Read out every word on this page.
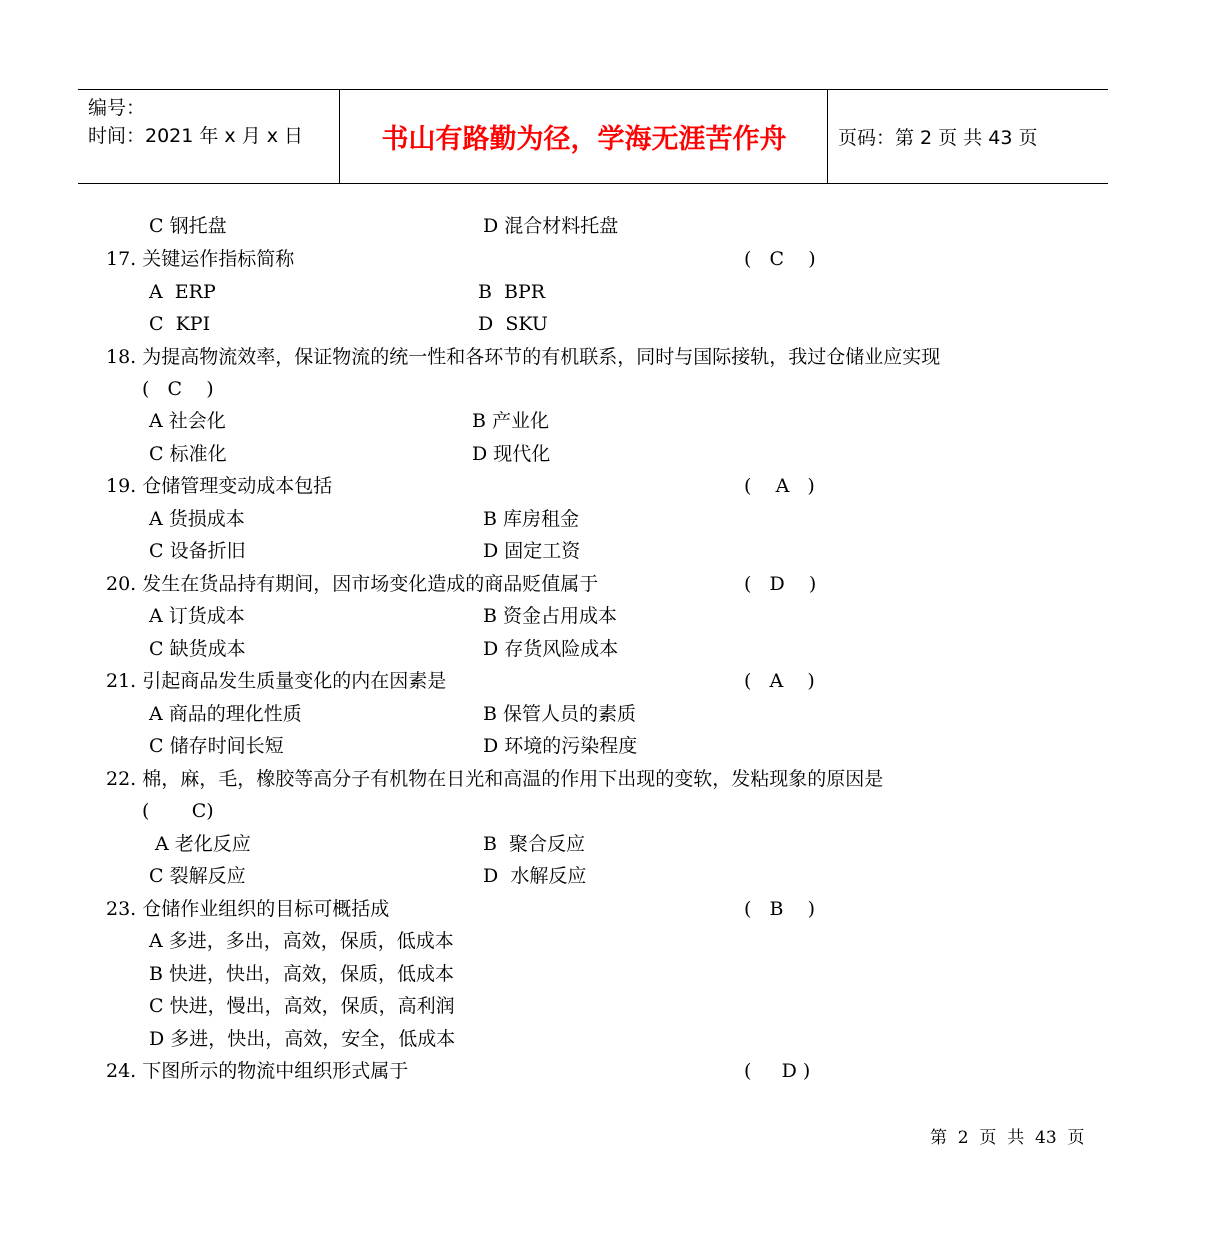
编号：
时间：2021 年 x 月 x 日	书山有路勤为径，学海无涯苦作舟	页码：第 2 页 共 43 页
C 钢托盘	D 混合材料托盘
17. 关键运作指标简称	(   C    )
A  ERP	B  BPR
C  KPI	D  SKU
18. 为提高物流效率，保证物流的统一性和各环节的有机联系，同时与国际接轨，我过仓储业应实现
(   C    )
A 社会化	B 产业化
C 标准化	D 现代化
19. 仓储管理变动成本包括	(    A   )
A 货损成本	B 库房租金
C 设备折旧	D 固定工资
20. 发生在货品持有期间，因市场变化造成的商品贬值属于	(   D    )
A 订货成本	B 资金占用成本
C 缺货成本	D 存货风险成本
21. 引起商品发生质量变化的内在因素是	(   A    )
A 商品的理化性质	B 保管人员的素质
C 储存时间长短	D 环境的污染程度
22. 棉，麻，毛，橡胶等高分子有机物在日光和高温的作用下出现的变软，发粘现象的原因是
(       C)
A 老化反应	B  聚合反应
C 裂解反应	D  水解反应
23. 仓储作业组织的目标可概括成	(   B    )
A 多进，多出，高效，保质，低成本
B 快进，快出，高效，保质，低成本
C 快进，慢出，高效，保质，高利润
D 多进，快出，高效，安全，低成本
24. 下图所示的物流中组织形式属于	(     D )
第  2  页  共  43  页
